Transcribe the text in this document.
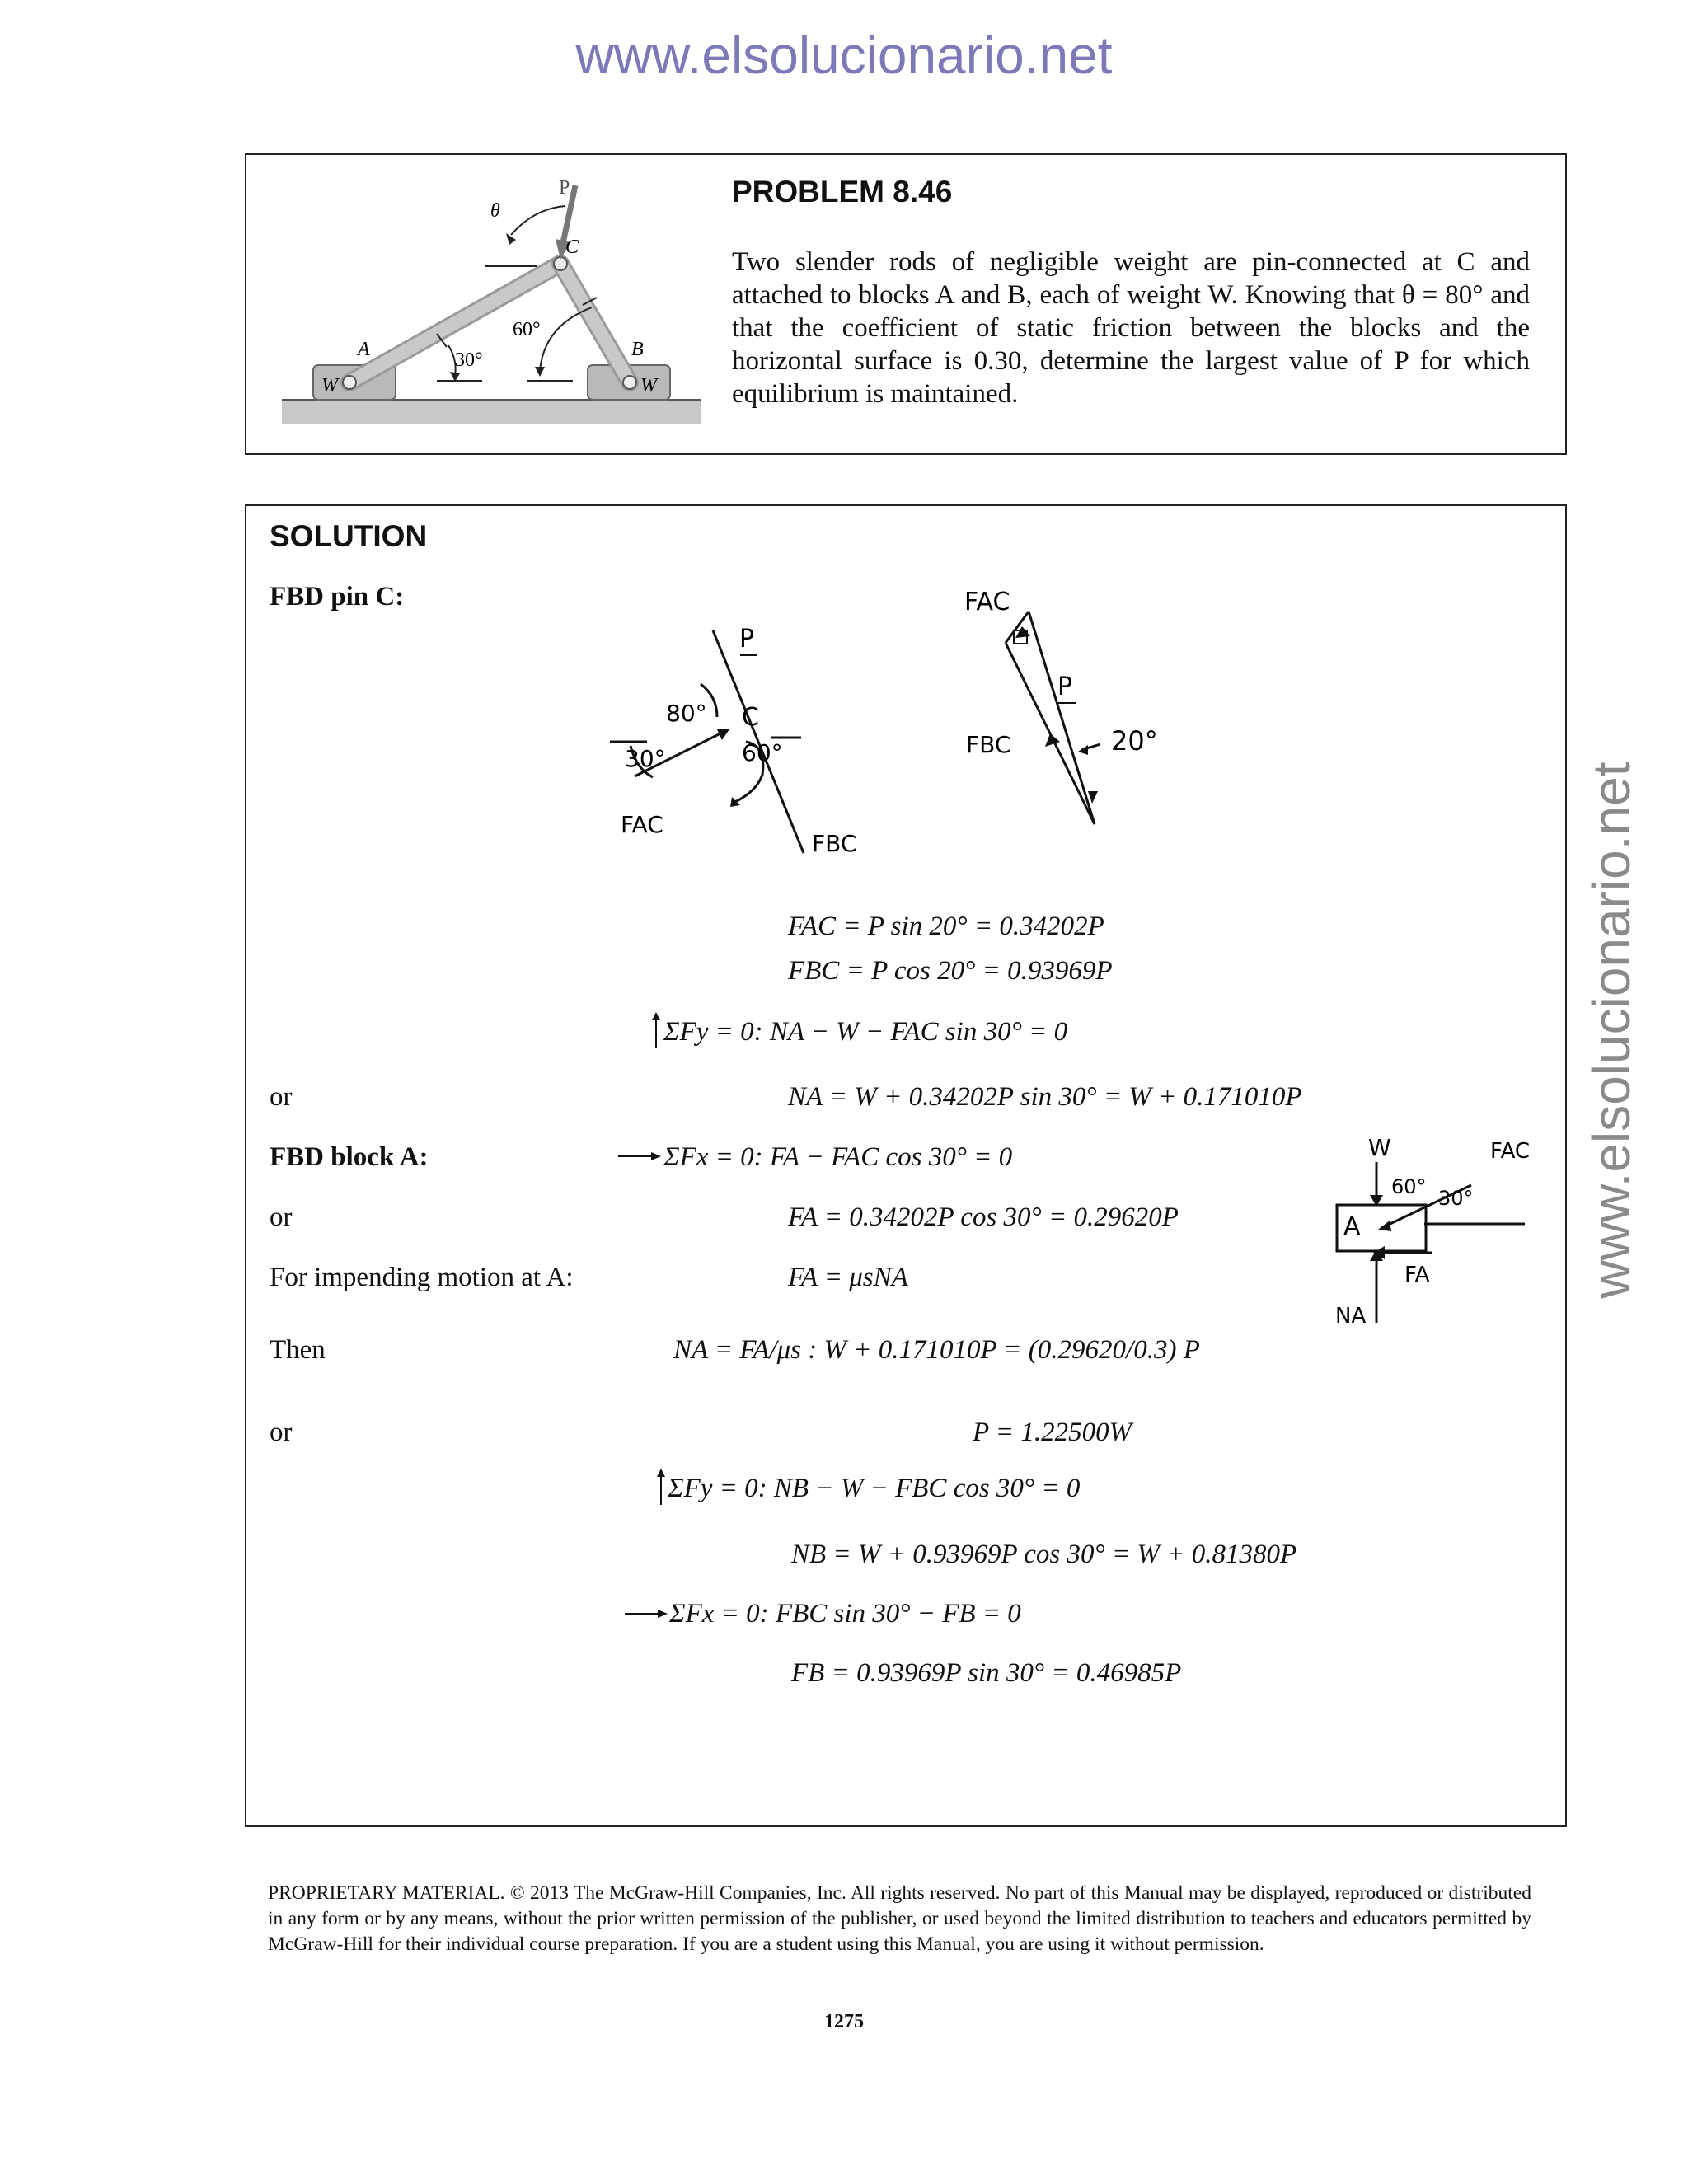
www.elsolucionario.net
www.elsolucionario.net
P
θ
C
A	B
W	W
30°
60°
PROBLEM 8.46
Two slender rods of negligible weight are pin-connected at C and attached to blocks A and B, each of weight W. Knowing that θ = 80° and that the coefficient of static friction between the blocks and the horizontal surface is 0.30, determine the largest value of P for which equilibrium is maintained.
SOLUTION
FBD pin C:
P
C
80°
30°	60°
FAC
FBC
FAC
P
FBC	20°
W	FAC
60° 30°
A
FA
NA
or
FBD block A:
or
For impending motion at A:
Then
or
FAC = P sin 20° = 0.34202P
FBC = P cos 20° = 0.93969P
ΣFy = 0: NA − W − FAC sin 30° = 0
NA = W + 0.34202P sin 30° = W + 0.171010P
ΣFx = 0: FA − FAC cos 30° = 0
FA = 0.34202P cos 30° = 0.29620P
FA = μsNA
NA = FA/μs : W + 0.171010P = (0.29620/0.3) P
P = 1.22500W
ΣFy = 0: NB − W − FBC cos 30° = 0
NB = W + 0.93969P cos 30° = W + 0.81380P
ΣFx = 0: FBC sin 30° − FB = 0
FB = 0.93969P sin 30° = 0.46985P
PROPRIETARY MATERIAL. © 2013 The McGraw-Hill Companies, Inc. All rights reserved. No part of this Manual may be displayed, reproduced or distributed in any form or by any means, without the prior written permission of the publisher, or used beyond the limited distribution to teachers and educators permitted by McGraw-Hill for their individual course preparation. If you are a student using this Manual, you are using it without permission.
1275
